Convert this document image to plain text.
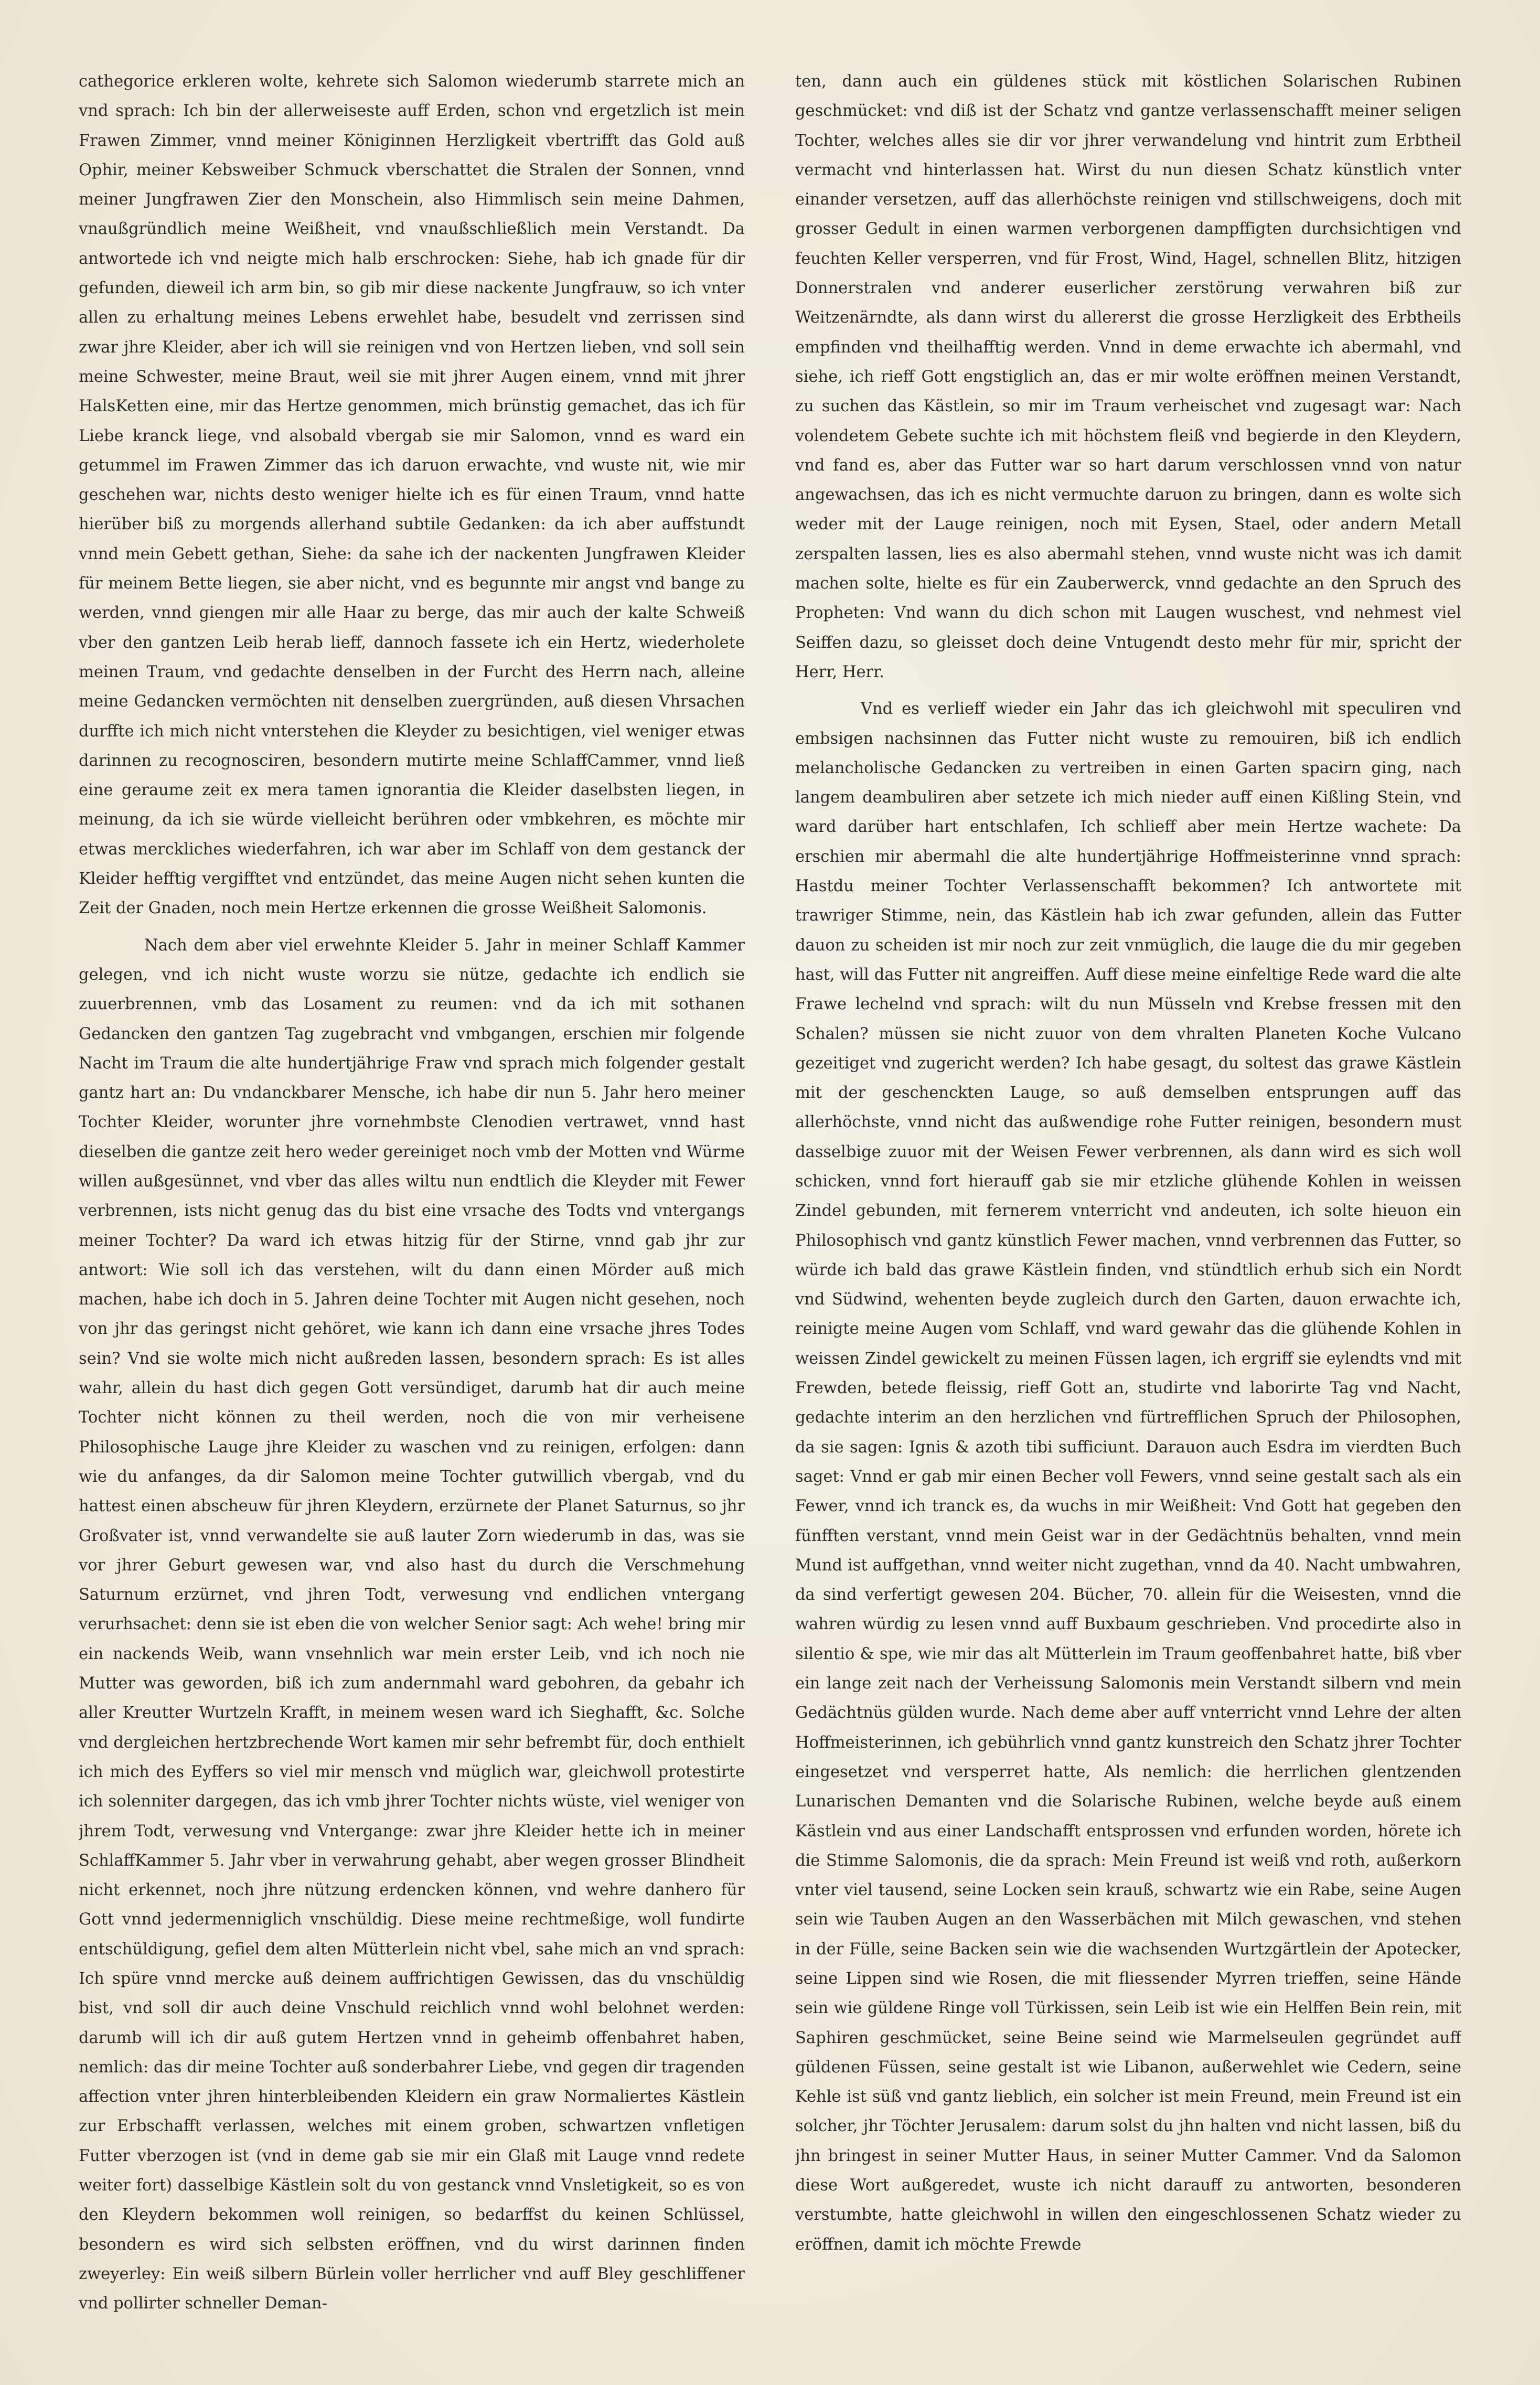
cathegorice erkleren wolte, kehrete sich Salomon wiederumb starrete mich an vnd sprach: Ich bin der allerweiseste auff Erden, schon vnd ergetzlich ist mein Frawen Zimmer, vnnd meiner Königinnen Herzligkeit vbertrifft das Gold auß Ophir, meiner Kebsweiber Schmuck vberschattet die Stralen der Sonnen, vnnd meiner Jungfrawen Zier den Monschein, also Himmlisch sein meine Dahmen, vnaußgründlich meine Weißheit, vnd vnaußschließlich mein Verstandt. Da antwortede ich vnd neigte mich halb erschrocken: Siehe, hab ich gnade für dir gefunden, dieweil ich arm bin, so gib mir diese nackente Jungfrauw, so ich vnter allen zu erhaltung meines Lebens erwehlet habe, besudelt vnd zerrissen sind zwar jhre Kleider, aber ich will sie reinigen vnd von Hertzen lieben, vnd soll sein meine Schwester, meine Braut, weil sie mit jhrer Augen einem, vnnd mit jhrer HalsKetten eine, mir das Hertze genommen, mich brünstig gemachet, das ich für Liebe kranck liege, vnd alsobald vbergab sie mir Salomon, vnnd es ward ein getummel im Frawen Zimmer das ich daruon erwachte, vnd wuste nit, wie mir geschehen war, nichts desto weniger hielte ich es für einen Traum, vnnd hatte hierüber biß zu morgends allerhand subtile Gedanken: da ich aber auffstundt vnnd mein Gebett gethan, Siehe: da sahe ich der nackenten Jungfrawen Kleider für meinem Bette liegen, sie aber nicht, vnd es begunnte mir angst vnd bange zu werden, vnnd giengen mir alle Haar zu berge, das mir auch der kalte Schweiß vber den gantzen Leib herab lieff, dannoch fassete ich ein Hertz, wiederholete meinen Traum, vnd gedachte denselben in der Furcht des Herrn nach, alleine meine Gedancken vermöchten nit denselben zuergründen, auß diesen Vhrsachen durffte ich mich nicht vnterstehen die Kleyder zu besichtigen, viel weniger etwas darinnen zu recognosciren, besondern mutirte meine SchlaffCammer, vnnd ließ eine geraume zeit ex mera tamen ignorantia die Kleider daselbsten liegen, in meinung, da ich sie würde vielleicht berühren oder vmbkehren, es möchte mir etwas merckliches wiederfahren, ich war aber im Schlaff von dem gestanck der Kleider hefftig vergifftet vnd entzündet, das meine Augen nicht sehen kunten die Zeit der Gnaden, noch mein Hertze erkennen die grosse Weißheit Salomonis.

Nach dem aber viel erwehnte Kleider 5. Jahr in meiner Schlaff Kammer gelegen, vnd ich nicht wuste worzu sie nütze, gedachte ich endlich sie zuuerbrennen, vmb das Losament zu reumen: vnd da ich mit sothanen Gedancken den gantzen Tag zugebracht vnd vmbgangen, erschien mir folgende Nacht im Traum die alte hundertjährige Fraw vnd sprach mich folgender gestalt gantz hart an: Du vndanckbarer Mensche, ich habe dir nun 5. Jahr hero meiner Tochter Kleider, worunter jhre vornehmbste Clenodien vertrawet, vnnd hast dieselben die gantze zeit hero weder gereiniget noch vmb der Motten vnd Würme willen außgesünnet, vnd vber das alles wiltu nun endtlich die Kleyder mit Fewer verbrennen, ists nicht genug das du bist eine vrsache des Todts vnd vntergangs meiner Tochter? Da ward ich etwas hitzig für der Stirne, vnnd gab jhr zur antwort: Wie soll ich das verstehen, wilt du dann einen Mörder auß mich machen, habe ich doch in 5. Jahren deine Tochter mit Augen nicht gesehen, noch von jhr das geringst nicht gehöret, wie kann ich dann eine vrsache jhres Todes sein? Vnd sie wolte mich nicht außreden lassen, besondern sprach: Es ist alles wahr, allein du hast dich gegen Gott versündiget, darumb hat dir auch meine Tochter nicht können zu theil werden, noch die von mir verheisene Philosophische Lauge jhre Kleider zu waschen vnd zu reinigen, erfolgen: dann wie du anfanges, da dir Salomon meine Tochter gutwillich vbergab, vnd du hattest einen abscheuw für jhren Kleydern, erzürnete der Planet Saturnus, so jhr Großvater ist, vnnd verwandelte sie auß lauter Zorn wiederumb in das, was sie vor jhrer Geburt gewesen war, vnd also hast du durch die Verschmehung Saturnum erzürnet, vnd jhren Todt, verwesung vnd endlichen vntergang verurhsachet: denn sie ist eben die von welcher Senior sagt: Ach wehe! bring mir ein nackends Weib, wann vnsehnlich war mein erster Leib, vnd ich noch nie Mutter was geworden, biß ich zum andernmahl ward gebohren, da gebahr ich aller Kreutter Wurtzeln Krafft, in meinem wesen ward ich Sieghafft, &c. Solche vnd dergleichen hertzbrechende Wort kamen mir sehr befrembt für, doch enthielt ich mich des Eyffers so viel mir mensch vnd müglich war, gleichwoll protestirte ich solenniter dargegen, das ich vmb jhrer Tochter nichts wüste, viel weniger von jhrem Todt, verwesung vnd Vntergange: zwar jhre Kleider hette ich in meiner SchlaffKammer 5. Jahr vber in verwahrung gehabt, aber wegen grosser Blindheit nicht erkennet, noch jhre nützung erdencken können, vnd wehre danhero für Gott vnnd jedermenniglich vnschüldig. Diese meine rechtmeßige, woll fundirte entschüldigung, gefiel dem alten Mütterlein nicht vbel, sahe mich an vnd sprach: Ich spüre vnnd mercke auß deinem auffrichtigen Gewissen, das du vnschüldig bist, vnd soll dir auch deine Vnschuld reichlich vnnd wohl belohnet werden: darumb will ich dir auß gutem Hertzen vnnd in geheimb offenbahret haben, nemlich: das dir meine Tochter auß sonderbahrer Liebe, vnd gegen dir tragenden affection vnter jhren hinterbleibenden Kleidern ein graw Normaliertes Kästlein zur Erbschafft verlassen, welches mit einem groben, schwartzen vnfletigen Futter vberzogen ist (vnd in deme gab sie mir ein Glaß mit Lauge vnnd redete weiter fort) dasselbige Kästlein solt du von gestanck vnnd Vnsletigkeit, so es von den Kleydern bekommen woll reinigen, so bedarffst du keinen Schlüssel, besondern es wird sich selbsten eröffnen, vnd du wirst darinnen finden zweyerley: Ein weiß silbern Bürlein voller herrlicher vnd auff Bley geschliffener vnd pollirter schneller Deman-

ten, dann auch ein güldenes stück mit köstlichen Solarischen Rubinen geschmücket: vnd diß ist der Schatz vnd gantze verlassenschafft meiner seligen Tochter, welches alles sie dir vor jhrer verwandelung vnd hintrit zum Erbtheil vermacht vnd hinterlassen hat. Wirst du nun diesen Schatz künstlich vnter einander versetzen, auff das allerhöchste reinigen vnd stillschweigens, doch mit grosser Gedult in einen warmen verborgenen dampffigten durchsichtigen vnd feuchten Keller versperren, vnd für Frost, Wind, Hagel, schnellen Blitz, hitzigen Donnerstralen vnd anderer euserlicher zerstörung verwahren biß zur Weitzenärndte, als dann wirst du allererst die grosse Herzligkeit des Erbtheils empfinden vnd theilhafftig werden. Vnnd in deme erwachte ich abermahl, vnd siehe, ich rieff Gott engstiglich an, das er mir wolte eröffnen meinen Verstandt, zu suchen das Kästlein, so mir im Traum verheischet vnd zugesagt war: Nach volendetem Gebete suchte ich mit höchstem fleiß vnd begierde in den Kleydern, vnd fand es, aber das Futter war so hart darum verschlossen vnnd von natur angewachsen, das ich es nicht vermuchte daruon zu bringen, dann es wolte sich weder mit der Lauge reinigen, noch mit Eysen, Stael, oder andern Metall zerspalten lassen, lies es also abermahl stehen, vnnd wuste nicht was ich damit machen solte, hielte es für ein Zauberwerck, vnnd gedachte an den Spruch des Propheten: Vnd wann du dich schon mit Laugen wuschest, vnd nehmest viel Seiffen dazu, so gleisset doch deine Vntugendt desto mehr für mir, spricht der Herr, Herr.

Vnd es verlieff wieder ein Jahr das ich gleichwohl mit speculiren vnd embsigen nachsinnen das Futter nicht wuste zu remouiren, biß ich endlich melancholische Gedancken zu vertreiben in einen Garten spacirn ging, nach langem deambuliren aber setzete ich mich nieder auff einen Kißling Stein, vnd ward darüber hart entschlafen, Ich schlieff aber mein Hertze wachete: Da erschien mir abermahl die alte hundertjährige Hoffmeisterinne vnnd sprach: Hastdu meiner Tochter Verlassenschafft bekommen? Ich antwortete mit trawriger Stimme, nein, das Kästlein hab ich zwar gefunden, allein das Futter dauon zu scheiden ist mir noch zur zeit vnmüglich, die lauge die du mir gegeben hast, will das Futter nit angreiffen. Auff diese meine einfeltige Rede ward die alte Frawe lechelnd vnd sprach: wilt du nun Müsseln vnd Krebse fressen mit den Schalen? müssen sie nicht zuuor von dem vhralten Planeten Koche Vulcano gezeitiget vnd zugericht werden? Ich habe gesagt, du soltest das grawe Kästlein mit der geschenckten Lauge, so auß demselben entsprungen auff das allerhöchste, vnnd nicht das außwendige rohe Futter reinigen, besondern must dasselbige zuuor mit der Weisen Fewer verbrennen, als dann wird es sich woll schicken, vnnd fort hierauff gab sie mir etzliche glühende Kohlen in weissen Zindel gebunden, mit fernerem vnterricht vnd andeuten, ich solte hieuon ein Philosophisch vnd gantz künstlich Fewer machen, vnnd verbrennen das Futter, so würde ich bald das grawe Kästlein finden, vnd stündtlich erhub sich ein Nordt vnd Südwind, wehenten beyde zugleich durch den Garten, dauon erwachte ich, reinigte meine Augen vom Schlaff, vnd ward gewahr das die glühende Kohlen in weissen Zindel gewickelt zu meinen Füssen lagen, ich ergriff sie eylendts vnd mit Frewden, betede fleissig, rieff Gott an, studirte vnd laborirte Tag vnd Nacht, gedachte interim an den herzlichen vnd fürtrefflichen Spruch der Philosophen, da sie sagen: Ignis & azoth tibi sufficiunt. Darauon auch Esdra im vierdten Buch saget: Vnnd er gab mir einen Becher voll Fewers, vnnd seine gestalt sach als ein Fewer, vnnd ich tranck es, da wuchs in mir Weißheit: Vnd Gott hat gegeben den fünfften verstant, vnnd mein Geist war in der Gedächtnüs behalten, vnnd mein Mund ist auffgethan, vnnd weiter nicht zugethan, vnnd da 40. Nacht umbwahren, da sind verfertigt gewesen 204. Bücher, 70. allein für die Weisesten, vnnd die wahren würdig zu lesen vnnd auff Buxbaum geschrieben. Vnd procedirte also in silentio & spe, wie mir das alt Mütterlein im Traum geoffenbahret hatte, biß vber ein lange zeit nach der Verheissung Salomonis mein Verstandt silbern vnd mein Gedächtnüs gülden wurde. Nach deme aber auff vnterricht vnnd Lehre der alten Hoffmeisterinnen, ich gebührlich vnnd gantz kunstreich den Schatz jhrer Tochter eingesetzet vnd versperret hatte, Als nemlich: die herrlichen glentzenden Lunarischen Demanten vnd die Solarische Rubinen, welche beyde auß einem Kästlein vnd aus einer Landschafft entsprossen vnd erfunden worden, hörete ich die Stimme Salomonis, die da sprach: Mein Freund ist weiß vnd roth, außerkorn vnter viel tausend, seine Locken sein krauß, schwartz wie ein Rabe, seine Augen sein wie Tauben Augen an den Wasserbächen mit Milch gewaschen, vnd stehen in der Fülle, seine Backen sein wie die wachsenden Wurtzgärtlein der Apotecker, seine Lippen sind wie Rosen, die mit fliessender Myrren trieffen, seine Hände sein wie güldene Ringe voll Türkissen, sein Leib ist wie ein Helffen Bein rein, mit Saphiren geschmücket, seine Beine seind wie Marmelseulen gegründet auff güldenen Füssen, seine gestalt ist wie Libanon, außerwehlet wie Cedern, seine Kehle ist süß vnd gantz lieblich, ein solcher ist mein Freund, mein Freund ist ein solcher, jhr Töchter Jerusalem: darum solst du jhn halten vnd nicht lassen, biß du jhn bringest in seiner Mutter Haus, in seiner Mutter Cammer. Vnd da Salomon diese Wort außgeredet, wuste ich nicht darauff zu antworten, besonderen verstumbte, hatte gleichwohl in willen den eingeschlossenen Schatz wieder zu eröffnen, damit ich möchte Frewde
